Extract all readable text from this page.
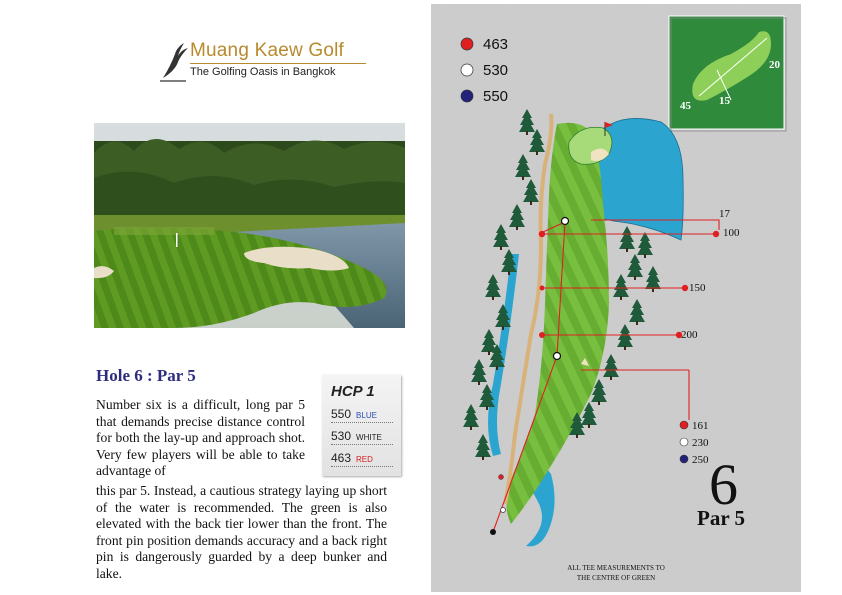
Muang Kaew Golf
The Golfing Oasis in Bangkok
Hole 6 : Par 5
Number six is a difficult, long par 5 that demands precise distance control for both the lay-up and approach shot. Very few players will be able to take advantage of
this par 5. Instead, a cautious strategy laying up short of the water is recommended. The green is also elevated with the back tier lower than the front. The front pin position demands accuracy and a back right pin is dangerously guarded by a deep bunker and lake.
HCP 1
550 BLUE
530 WHITE
463 RED
463
530
550
20
45	15
17
100
150
200
161
230
250 6
Par 5
ALL TEE MEASUREMENTS TO
THE CENTRE OF GREEN
